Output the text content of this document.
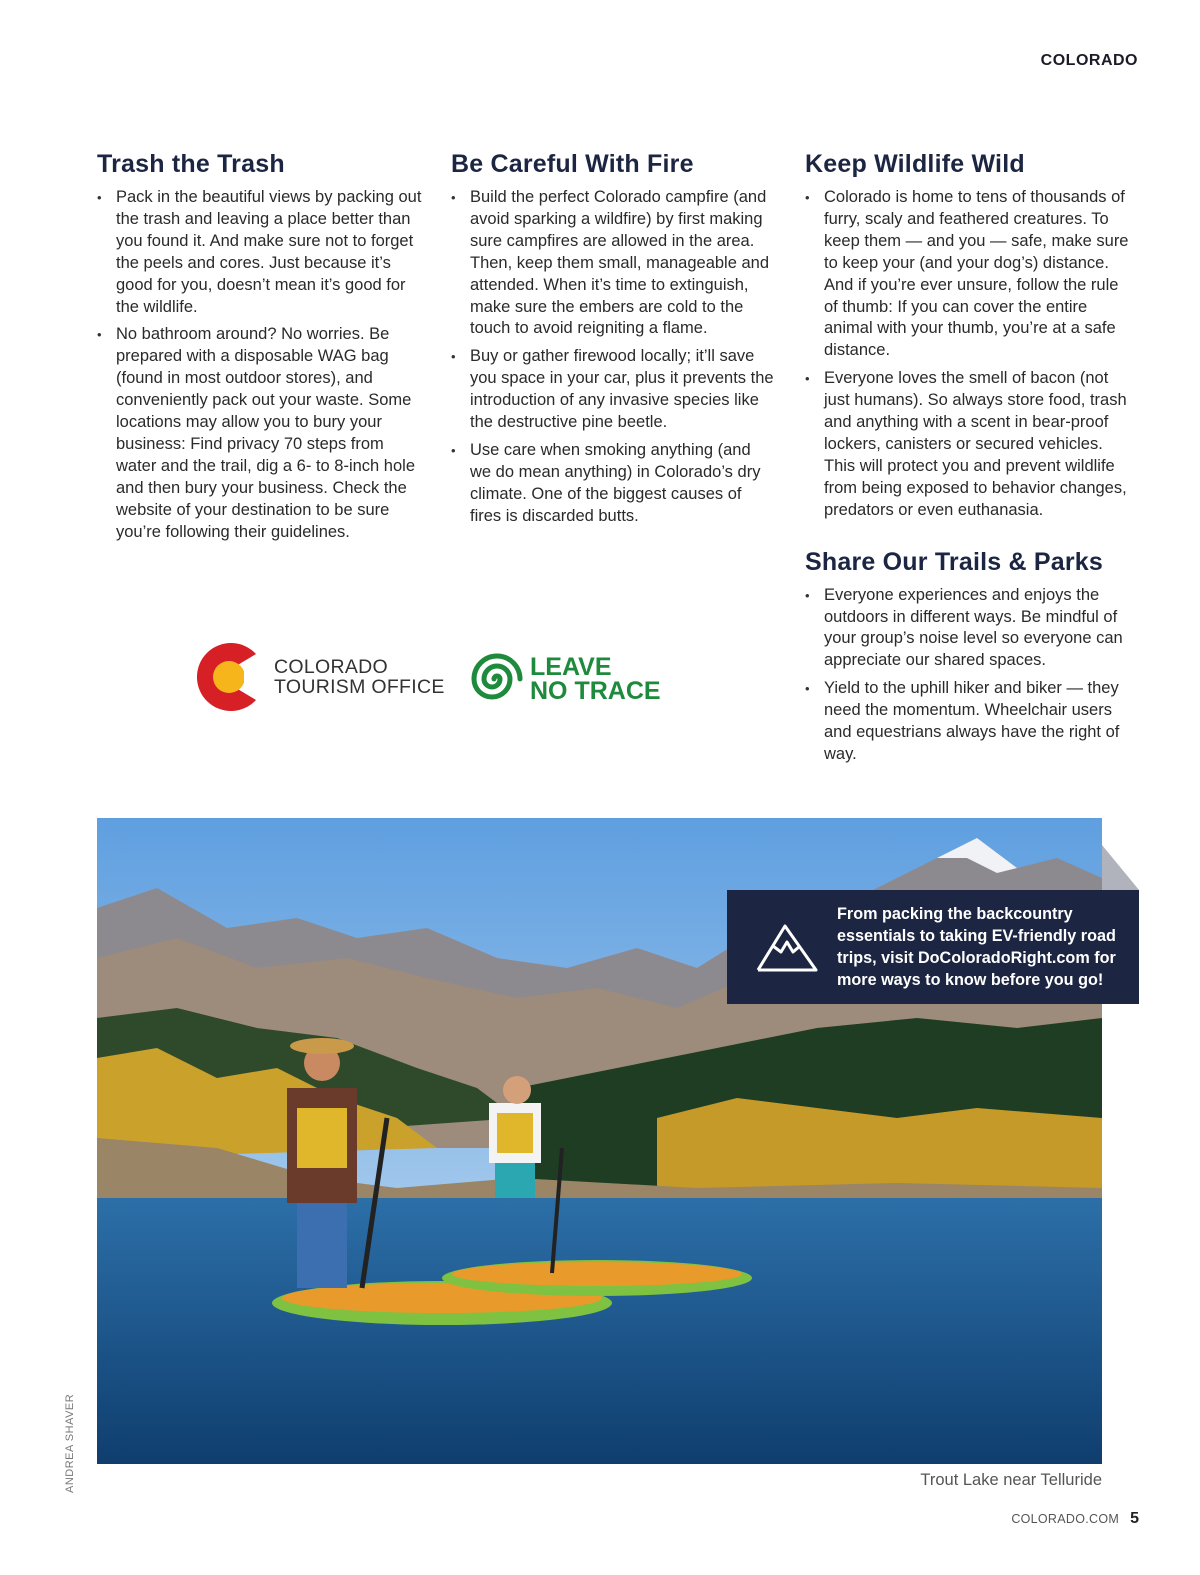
COLORADO
Trash the Trash
• Pack in the beautiful views by packing out the trash and leaving a place better than you found it. And make sure not to forget the peels and cores. Just because it’s good for you, doesn’t mean it’s good for the wildlife.
• No bathroom around? No worries. Be prepared with a disposable WAG bag (found in most outdoor stores), and conveniently pack out your waste. Some locations may allow you to bury your business: Find privacy 70 steps from water and the trail, dig a 6- to 8-inch hole and then bury your business. Check the website of your destination to be sure you’re following their guidelines.
Be Careful With Fire
• Build the perfect Colorado campfire (and avoid sparking a wildfire) by first making sure campfires are allowed in the area. Then, keep them small, manageable and attended. When it’s time to extinguish, make sure the embers are cold to the touch to avoid reigniting a flame.
• Buy or gather firewood locally; it’ll save you space in your car, plus it prevents the introduction of any invasive species like the destructive pine beetle.
• Use care when smoking anything (and we do mean anything) in Colorado’s dry climate. One of the biggest causes of fires is discarded butts.
Keep Wildlife Wild
• Colorado is home to tens of thousands of furry, scaly and feathered creatures. To keep them — and you — safe, make sure to keep your (and your dog’s) distance. And if you’re ever unsure, follow the rule of thumb: If you can cover the entire animal with your thumb, you’re at a safe distance.
• Everyone loves the smell of bacon (not just humans). So always store food, trash and anything with a scent in bear-proof lockers, canisters or secured vehicles. This will protect you and prevent wildlife from being exposed to behavior changes, predators or even euthanasia.
Share Our Trails & Parks
• Everyone experiences and enjoys the outdoors in different ways. Be mindful of your group’s noise level so everyone can appreciate our shared spaces.
• Yield to the uphill hiker and biker — they need the momentum. Wheelchair users and equestrians always have the right of way.
COLORADO
TOURISM OFFICE
LEAVE
NO TRACE
From packing the backcountry essentials to taking EV-friendly road trips, visit DoColoradoRight.com for more ways to know before you go!
Trout Lake near Telluride
ANDREA SHAVER
COLORADO.COM 5
